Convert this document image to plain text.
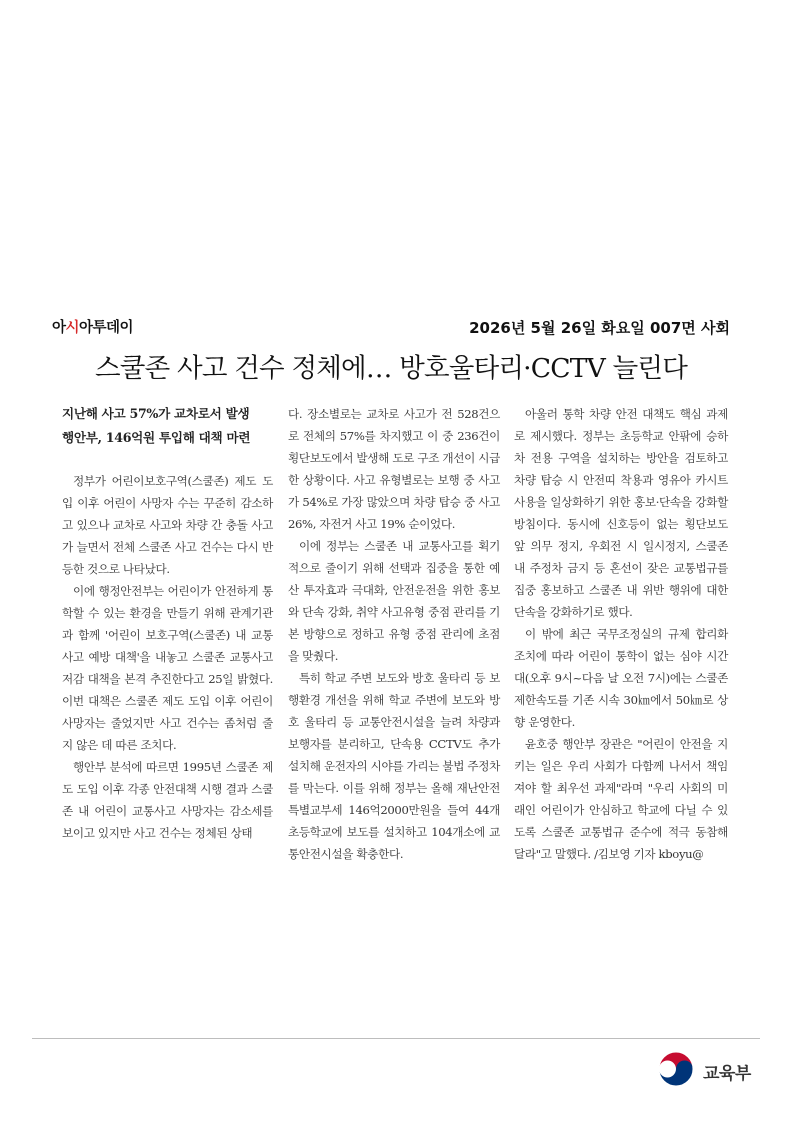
아시아투데이	2026년 5월 26일 화요일 007면 사회
스쿨존 사고 건수 정체에… 방호울타리·CCTV 늘린다
지난해 사고 57%가 교차로서 발생
행안부, 146억원 투입해 대책 마련

정부가 어린이보호구역(스쿨존) 제도 도입 이후 어린이 사망자 수는 꾸준히 감소하고 있으나 교차로 사고와 차량 간 충돌 사고가 늘면서 전체 스쿨존 사고 건수는 다시 반등한 것으로 나타났다.

이에 행정안전부는 어린이가 안전하게 통학할 수 있는 환경을 만들기 위해 관계기관과 함께 '어린이 보호구역(스쿨존) 내 교통사고 예방 대책'을 내놓고 스쿨존 교통사고 저감 대책을 본격 추진한다고 25일 밝혔다. 이번 대책은 스쿨존 제도 도입 이후 어린이 사망자는 줄었지만 사고 건수는 좀처럼 줄지 않은 데 따른 조치다.

행안부 분석에 따르면 1995년 스쿨존 제도 도입 이후 각종 안전대책 시행 결과 스쿨존 내 어린이 교통사고 사망자는 감소세를 보이고 있지만 사고 건수는 정체된 상태

다. 장소별로는 교차로 사고가 전 528건으로 전체의 57%를 차지했고 이 중 236건이 횡단보도에서 발생해 도로 구조 개선이 시급한 상황이다. 사고 유형별로는 보행 중 사고가 54%로 가장 많았으며 차량 탑승 중 사고 26%, 자전거 사고 19% 순이었다.

이에 정부는 스쿨존 내 교통사고를 획기적으로 줄이기 위해 선택과 집중을 통한 예산 투자효과 극대화, 안전운전을 위한 홍보와 단속 강화, 취약 사고유형 중점 관리를 기본 방향으로 정하고 유형 중점 관리에 초점을 맞췄다.

특히 학교 주변 보도와 방호 울타리 등 보행환경 개선을 위해 학교 주변에 보도와 방호 울타리 등 교통안전시설을 늘려 차량과 보행자를 분리하고, 단속용 CCTV도 추가 설치해 운전자의 시야를 가리는 불법 주정차를 막는다. 이를 위해 정부는 올해 재난안전특별교부세 146억2000만원을 들여 44개 초등학교에 보도를 설치하고 104개소에 교통안전시설을 확충한다.

아울러 통학 차량 안전 대책도 핵심 과제로 제시했다. 정부는 초등학교 안팎에 승하차 전용 구역을 설치하는 방안을 검토하고 차량 탑승 시 안전띠 착용과 영유아 카시트 사용을 일상화하기 위한 홍보·단속을 강화할 방침이다. 동시에 신호등이 없는 횡단보도 앞 의무 정지, 우회전 시 일시정지, 스쿨존 내 주정차 금지 등 혼선이 잦은 교통법규를 집중 홍보하고 스쿨존 내 위반 행위에 대한 단속을 강화하기로 했다.

이 밖에 최근 국무조정실의 규제 합리화 조치에 따라 어린이 통학이 없는 심야 시간대(오후 9시~다음 날 오전 7시)에는 스쿨존 제한속도를 기존 시속 30㎞에서 50㎞로 상향 운영한다.

윤호중 행안부 장관은 "어린이 안전을 지키는 일은 우리 사회가 다함께 나서서 책임져야 할 최우선 과제"라며 "우리 사회의 미래인 어린이가 안심하고 학교에 다닐 수 있도록 스쿨존 교통법규 준수에 적극 동참해 달라"고 말했다. /김보영 기자 kboyu@

교육부
